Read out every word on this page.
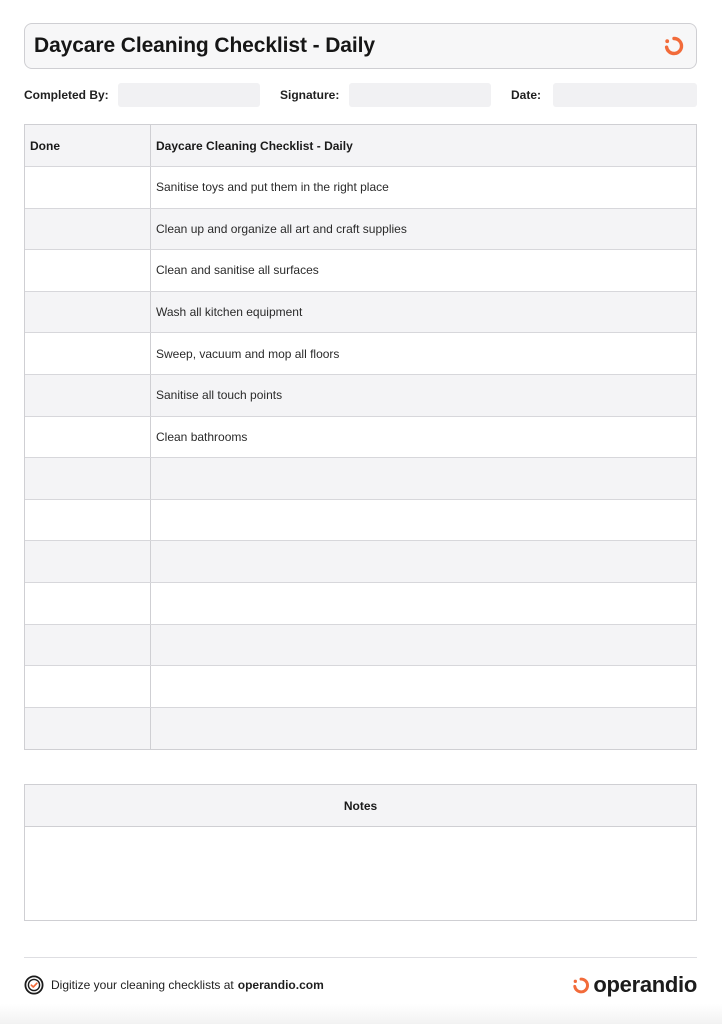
Daycare Cleaning Checklist - Daily
Completed By:	Signature:	Date:
Done	Daycare Cleaning Checklist - Daily
Sanitise toys and put them in the right place
Clean up and organize all art and craft supplies
Clean and sanitise all surfaces
Wash all kitchen equipment
Sweep, vacuum and mop all floors
Sanitise all touch points
Clean bathrooms
Notes
Digitize your cleaning checklists at operandio.com	operandio
